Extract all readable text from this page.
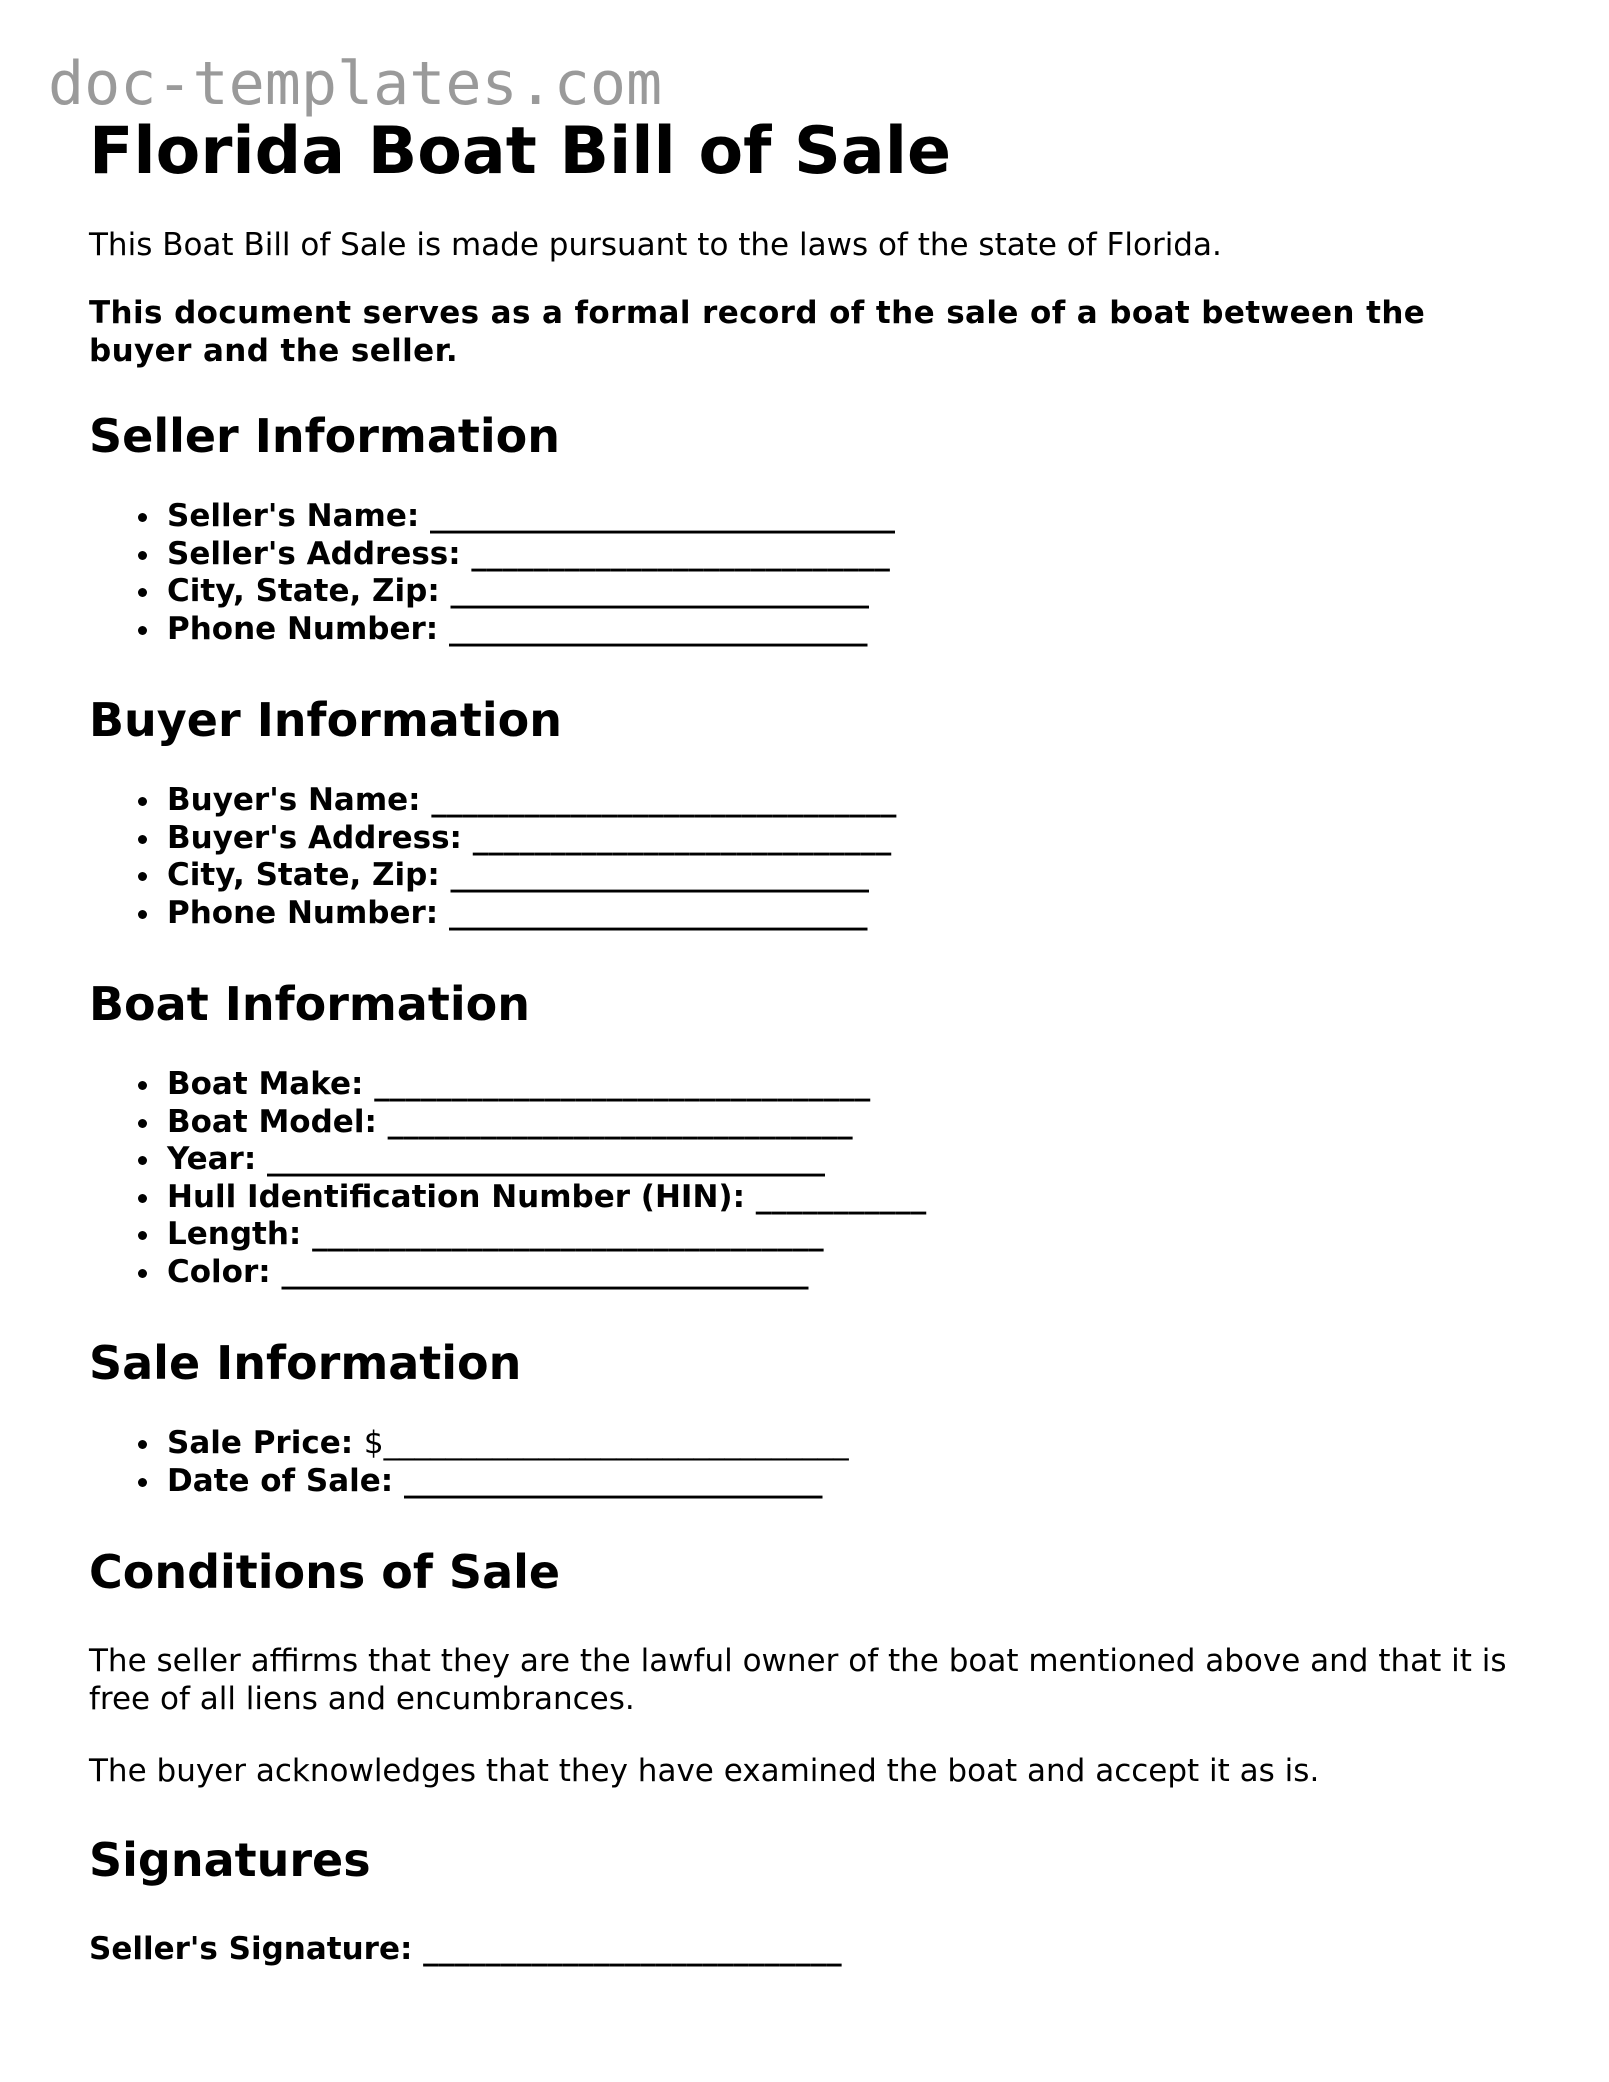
doc-templates.com
Florida Boat Bill of Sale

This Boat Bill of Sale is made pursuant to the laws of the state of Florida.

This document serves as a formal record of the sale of a boat between the buyer and the seller.

Seller Information
Seller's Name: ______________________________
Seller's Address: ___________________________
City, State, Zip: ___________________________
Phone Number: ___________________________
Buyer Information
Buyer's Name: ______________________________
Buyer's Address: ___________________________
City, State, Zip: ___________________________
Phone Number: ___________________________
Boat Information
Boat Make: ________________________________
Boat Model: ______________________________
Year: ____________________________________
Hull Identification Number (HIN): ___________
Length: _________________________________
Color: __________________________________
Sale Information
Sale Price: $______________________________
Date of Sale: ___________________________
Conditions of Sale

The seller affirms that they are the lawful owner of the boat mentioned above and that it is free of all liens and encumbrances.

The buyer acknowledges that they have examined the boat and accept it as is.

Signatures

Seller's Signature: ___________________________
